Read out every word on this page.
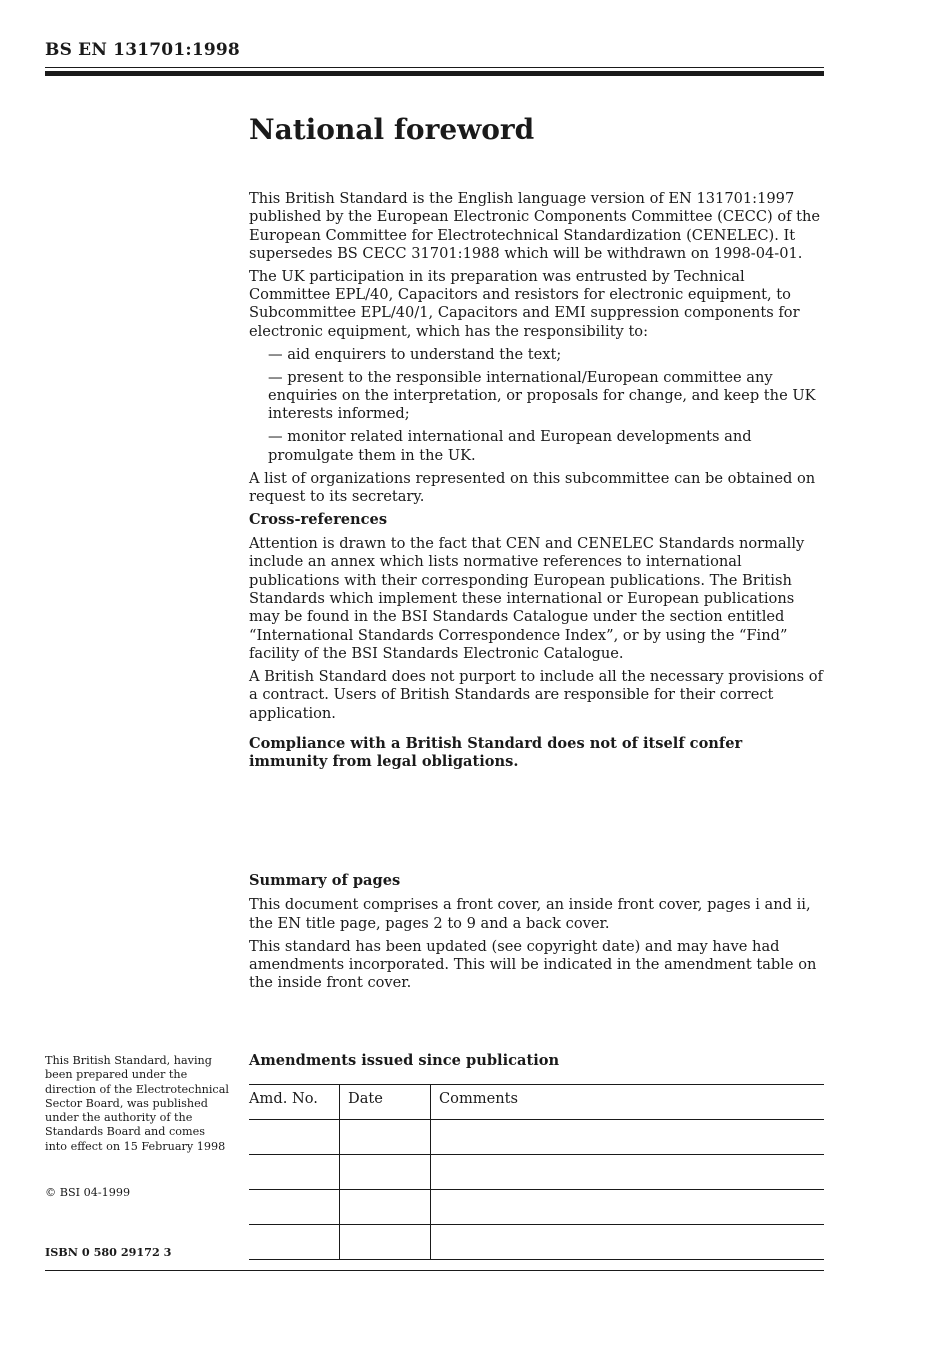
BS EN 131701:1998
National foreword

This British Standard is the English language version of EN 131701:1997 published by the European Electronic Components Committee (CECC) of the European Committee for Electrotechnical Standardization (CENELEC). It supersedes BS CECC 31701:1988 which will be withdrawn on 1998-04-01.

The UK participation in its preparation was entrusted by Technical Committee EPL/40, Capacitors and resistors for electronic equipment, to Subcommittee EPL/40/1, Capacitors and EMI suppression components for electronic equipment, which has the responsibility to:

— aid enquirers to understand the text;

— present to the responsible international/European committee any enquiries on the interpretation, or proposals for change, and keep the UK interests informed;

— monitor related international and European developments and promulgate them in the UK.

A list of organizations represented on this subcommittee can be obtained on request to its secretary.

Cross-references

Attention is drawn to the fact that CEN and CENELEC Standards normally include an annex which lists normative references to international publications with their corresponding European publications. The British Standards which implement these international or European publications may be found in the BSI Standards Catalogue under the section entitled “International Standards Correspondence Index”, or by using the “Find” facility of the BSI Standards Electronic Catalogue.

A British Standard does not purport to include all the necessary provisions of a contract. Users of British Standards are responsible for their correct application.

Compliance with a British Standard does not of itself confer immunity from legal obligations.

Summary of pages

This document comprises a front cover, an inside front cover, pages i and ii, the EN title page, pages 2 to 9 and a back cover.

This standard has been updated (see copyright date) and may have had amendments incorporated. This will be indicated in the amendment table on the inside front cover.

This British Standard, having been prepared under the direction of the Electrotechnical Sector Board, was published under the authority of the Standards Board and comes into effect on 15 February 1998

© BSI 04-1999
ISBN 0 580 29172 3
Amendments issued since publication
Amd. No.	Date	Comments
